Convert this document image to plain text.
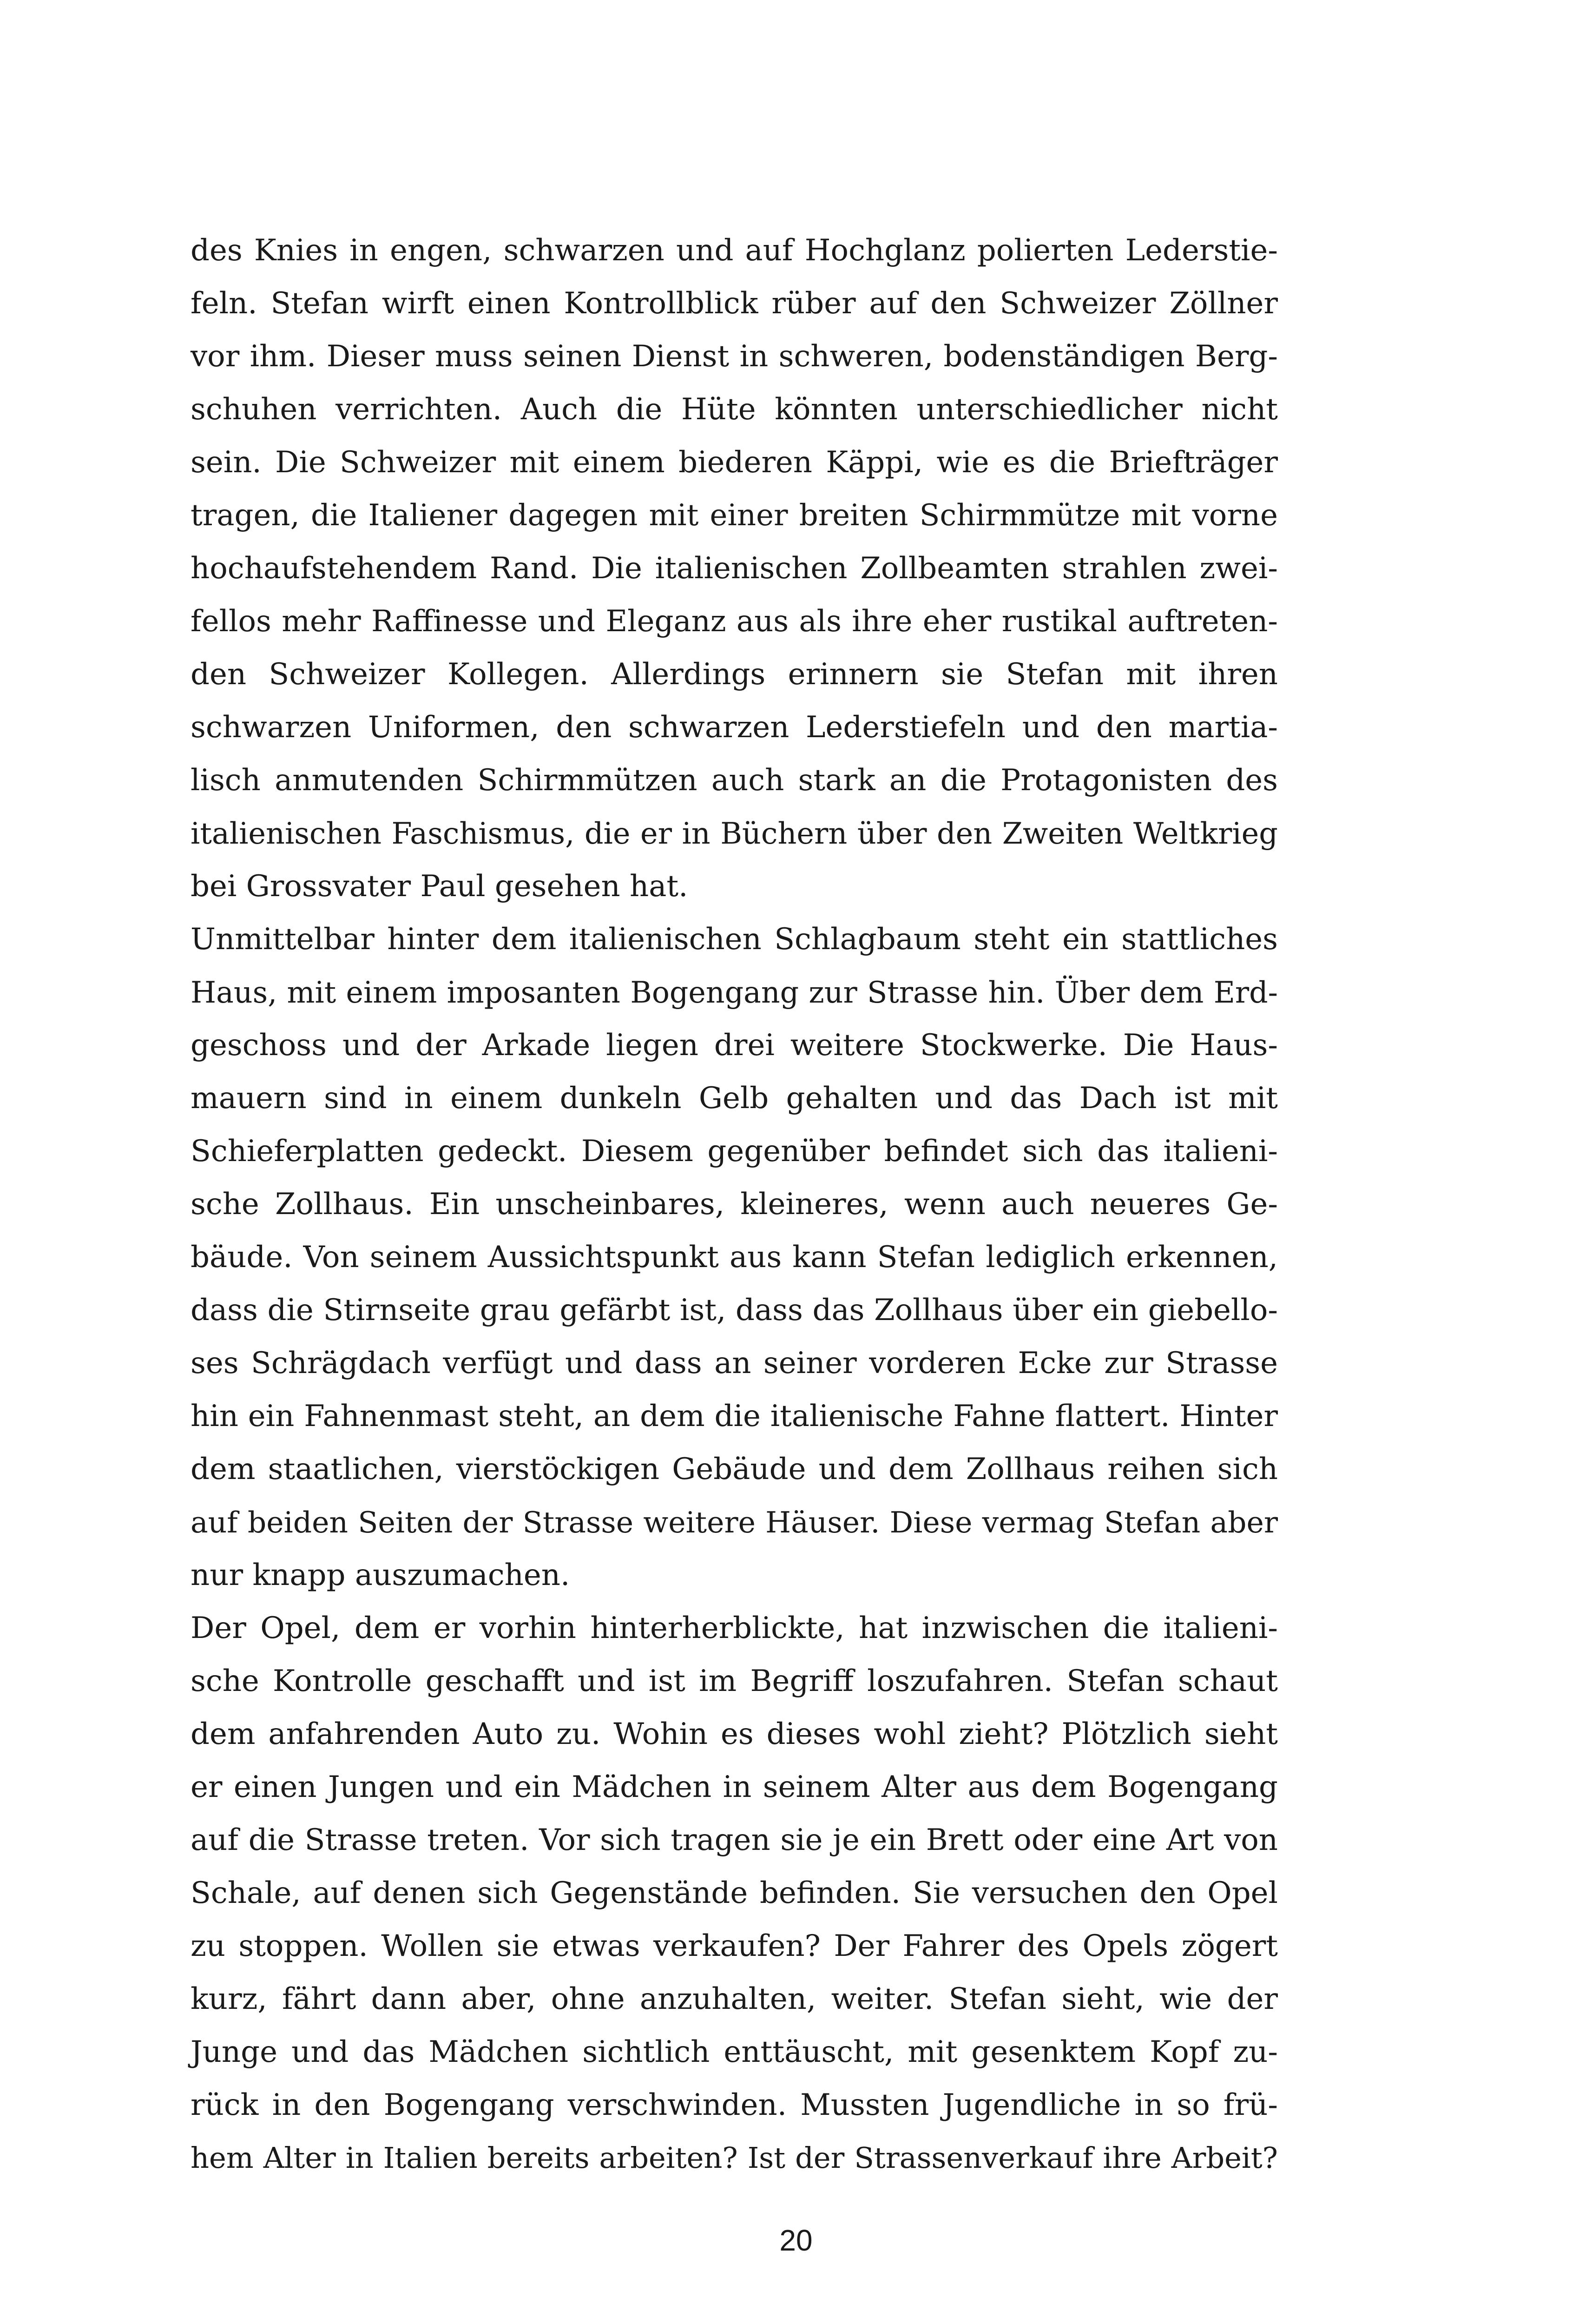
des Knies in engen, schwarzen und auf Hochglanz polierten Lederstie-
feln. Stefan wirft einen Kontrollblick rüber auf den Schweizer Zöllner
vor ihm. Dieser muss seinen Dienst in schweren, bodenständigen Berg-
schuhen verrichten. Auch die Hüte könnten unterschiedlicher nicht
sein. Die Schweizer mit einem biederen Käppi, wie es die Briefträger
tragen, die Italiener dagegen mit einer breiten Schirmmütze mit vorne
hochaufstehendem Rand. Die italienischen Zollbeamten strahlen zwei-
fellos mehr Raffinesse und Eleganz aus als ihre eher rustikal auftreten-
den Schweizer Kollegen. Allerdings erinnern sie Stefan mit ihren
schwarzen Uniformen, den schwarzen Lederstiefeln und den martia-
lisch anmutenden Schirmmützen auch stark an die Protagonisten des
italienischen Faschismus, die er in Büchern über den Zweiten Weltkrieg
bei Grossvater Paul gesehen hat.
Unmittelbar hinter dem italienischen Schlagbaum steht ein stattliches
Haus, mit einem imposanten Bogengang zur Strasse hin. Über dem Erd-
geschoss und der Arkade liegen drei weitere Stockwerke. Die Haus-
mauern sind in einem dunkeln Gelb gehalten und das Dach ist mit
Schieferplatten gedeckt. Diesem gegenüber befindet sich das italieni-
sche Zollhaus. Ein unscheinbares, kleineres, wenn auch neueres Ge-
bäude. Von seinem Aussichtspunkt aus kann Stefan lediglich erkennen,
dass die Stirnseite grau gefärbt ist, dass das Zollhaus über ein giebello-
ses Schrägdach verfügt und dass an seiner vorderen Ecke zur Strasse
hin ein Fahnenmast steht, an dem die italienische Fahne flattert. Hinter
dem staatlichen, vierstöckigen Gebäude und dem Zollhaus reihen sich
auf beiden Seiten der Strasse weitere Häuser. Diese vermag Stefan aber
nur knapp auszumachen.
Der Opel, dem er vorhin hinterherblickte, hat inzwischen die italieni-
sche Kontrolle geschafft und ist im Begriff loszufahren. Stefan schaut
dem anfahrenden Auto zu. Wohin es dieses wohl zieht? Plötzlich sieht
er einen Jungen und ein Mädchen in seinem Alter aus dem Bogengang
auf die Strasse treten. Vor sich tragen sie je ein Brett oder eine Art von
Schale, auf denen sich Gegenstände befinden. Sie versuchen den Opel
zu stoppen. Wollen sie etwas verkaufen? Der Fahrer des Opels zögert
kurz, fährt dann aber, ohne anzuhalten, weiter. Stefan sieht, wie der
Junge und das Mädchen sichtlich enttäuscht, mit gesenktem Kopf zu-
rück in den Bogengang verschwinden. Mussten Jugendliche in so frü-
hem Alter in Italien bereits arbeiten? Ist der Strassenverkauf ihre Arbeit?
20
